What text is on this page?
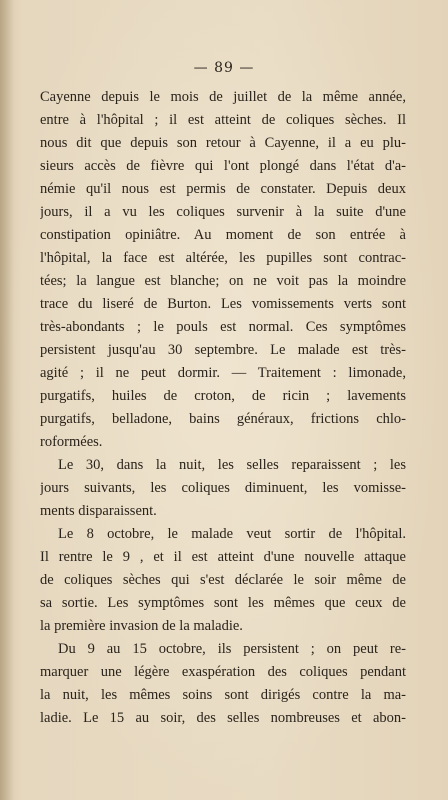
— 89 —
Cayenne depuis le mois de juillet de la même année,
entre à l'hôpital ; il est atteint de coliques sèches. Il
nous dit que depuis son retour à Cayenne, il a eu plu-
sieurs accès de fièvre qui l'ont plongé dans l'état d'a-
némie qu'il nous est permis de constater. Depuis deux
jours, il a vu les coliques survenir à la suite d'une
constipation opiniâtre. Au moment de son entrée à
l'hôpital, la face est altérée, les pupilles sont contrac-
tées; la langue est blanche; on ne voit pas la moindre
trace du liseré de Burton. Les vomissements verts sont
très-abondants ; le pouls est normal. Ces symptômes
persistent jusqu'au 30 septembre. Le malade est très-
agité ; il ne peut dormir. — Traitement : limonade,
purgatifs, huiles de croton, de ricin ; lavements
purgatifs, belladone, bains généraux, frictions chlo-
roformées.
Le 30, dans la nuit, les selles reparaissent ; les
jours suivants, les coliques diminuent, les vomisse-
ments disparaissent.
Le 8 octobre, le malade veut sortir de l'hôpital.
Il rentre le 9 , et il est atteint d'une nouvelle attaque
de coliques sèches qui s'est déclarée le soir même de
sa sortie. Les symptômes sont les mêmes que ceux de
la première invasion de la maladie.
Du 9 au 15 octobre, ils persistent ; on peut re-
marquer une légère exaspération des coliques pendant
la nuit, les mêmes soins sont dirigés contre la ma-
ladie. Le 15 au soir, des selles nombreuses et abon-
